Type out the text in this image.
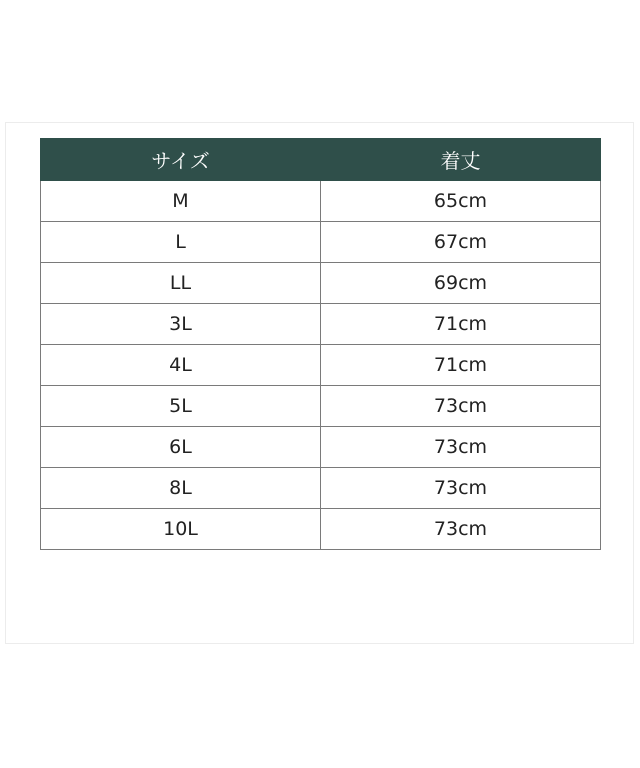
サイズ	着丈
M	65cm
L	67cm
LL	69cm
3L	71cm
4L	71cm
5L	73cm
6L	73cm
8L	73cm
10L	73cm
